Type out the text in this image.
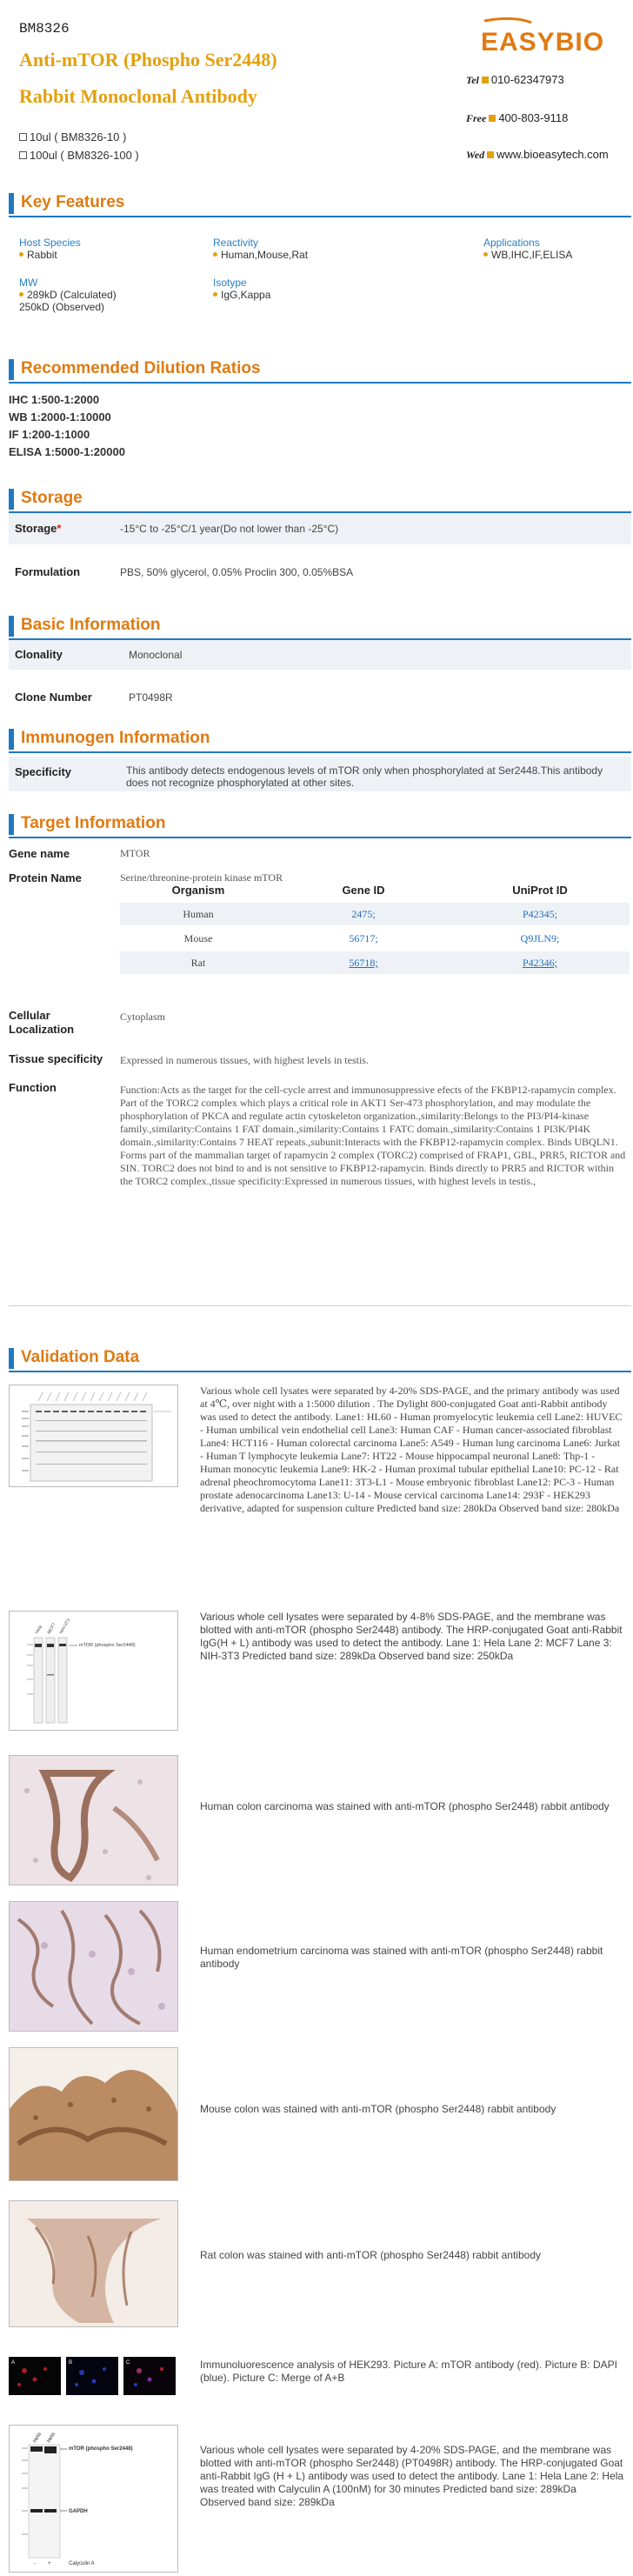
BM8326
Anti-mTOR (Phospho Ser2448)
Rabbit Monoclonal Antibody
10ul ( BM8326-10 )
100ul ( BM8326-100 )
EASYBIO
Tel 010-62347973
Free 400-803-9118
Wed www.bioeasytech.com
Key Features
Host Species
Rabbit
Reactivity
Human,Mouse,Rat
Applications
WB,IHC,IF,ELISA
MW
289kD (Calculated)
250kD (Observed)
Isotype
IgG,Kappa
Recommended Dilution Ratios
IHC 1:500-1:2000
WB 1:2000-1:10000
IF 1:200-1:1000
ELISA 1:5000-1:20000
Storage
Storage*	-15°C to -25°C/1 year(Do not lower than -25°C)
Formulation	PBS, 50% glycerol, 0.05% Proclin 300, 0.05%BSA
Basic Information
Clonality	Monoclonal
Clone Number	PT0498R
Immunogen Information
Specificity	This antibody detects endogenous levels of mTOR only when phosphorylated at Ser2448.This antibody does not recognize phosphorylated at other sites.
Target Information
Gene name	MTOR
Protein Name	Serine/threonine-protein kinase mTOR
Organism	Gene ID	UniProt ID
Human	2475;	P42345;
Mouse	56717;	Q9JLN9;
Rat	56718;	P42346;
Cellular Localization
Cytoplasm
Tissue specificity Expressed in numerous tissues, with highest levels in testis.
Function	Function:Acts as the target for the cell-cycle arrest and immunosuppressive efects of the FKBP12-rapamycin complex. Part of the TORC2 complex which plays a critical role in AKT1 Ser-473 phosphorylation, and may modulate the phosphorylation of PKCA and regulate actin cytoskeleton organization.,similarity:Belongs to the PI3/PI4-kinase family.,similarity:Contains 1 FAT domain.,similarity:Contains 1 FATC domain.,similarity:Contains 1 PI3K/PI4K domain.,similarity:Contains 7 HEAT repeats.,subunit:Interacts with the FKBP12-rapamycin complex. Binds UBQLN1. Forms part of the mammalian target of rapamycin 2 complex (TORC2) comprised of FRAP1, GBL, PRR5, RICTOR and SIN. TORC2 does not bind to and is not sensitive to FKBP12-rapamycin. Binds directly to PRR5 and RICTOR within the TORC2 complex.,tissue specificity:Expressed in numerous tissues, with highest levels in testis.,
Validation Data
Various whole cell lysates were separated by 4-20% SDS-PAGE, and the primary antibody was used at 4℃, over night with a 1:5000 dilution . The Dylight 800-conjugated Goat anti-Rabbit antibody was used to detect the antibody. Lane1: HL60 - Human promyelocytic leukemia cell Lane2: HUVEC - Human umbilical vein endothelial cell Lane3: Human CAF - Human cancer-associated fibroblast Lane4: HCT116 - Human colorectal carcinoma Lane5: A549 - Human lung carcinoma Lane6: Jurkat - Human T lymphocyte leukemia Lane7: HT22 - Mouse hippocampal neuronal Lane8: Thp-1 - Human monocytic leukemia Lane9: HK-2 - Human proximal tubular epithelial Lane10: PC-12 - Rat adrenal pheochromocytoma Lane11: 3T3-L1 - Mouse embryonic fibroblast Lane12: PC-3 - Human prostate adenocarcinoma Lane13: U-14 - Mouse cervical carcinoma Lane14: 293F - HEK293 derivative, adapted for suspension culture Predicted band size: 280kDa Observed band size: 280kDa
Hela MCF7 NIH-3T3
mTOR (phospho Ser2448)
Various whole cell lysates were separated by 4-8% SDS-PAGE, and the membrane was blotted with anti-mTOR (phospho Ser2448) antibody. The HRP-conjugated Goat anti-Rabbit IgG(H + L) antibody was used to detect the antibody. Lane 1: Hela Lane 2: MCF7 Lane 3: NIH-3T3 Predicted band size: 289kDa Observed band size: 250kDa
Human colon carcinoma was stained with anti-mTOR (phospho Ser2448) rabbit antibody
Human endometrium carcinoma was stained with anti-mTOR (phospho Ser2448) rabbit antibody
Mouse colon was stained with anti-mTOR (phospho Ser2448) rabbit antibody
Rat colon was stained with anti-mTOR (phospho Ser2448) rabbit antibody
A	B	C	Immunoluorescence analysis of HEK293. Picture A: mTOR antibody (red). Picture B: DAPI (blue). Picture C: Merge of A+B
Hela Hela
mTOR (phospho Ser2448)
GAPDH
- +	Calyculin A
Various whole cell lysates were separated by 4-20% SDS-PAGE, and the membrane was blotted with anti-mTOR (phospho Ser2448) (PT0498R) antibody. The HRP-conjugated Goat anti-Rabbit IgG (H + L) antibody was used to detect the antibody. Lane 1: Hela Lane 2: Hela was treated with Calyculin A (100nM) for 30 minutes Predicted band size: 289kDa Observed band size: 289kDa
